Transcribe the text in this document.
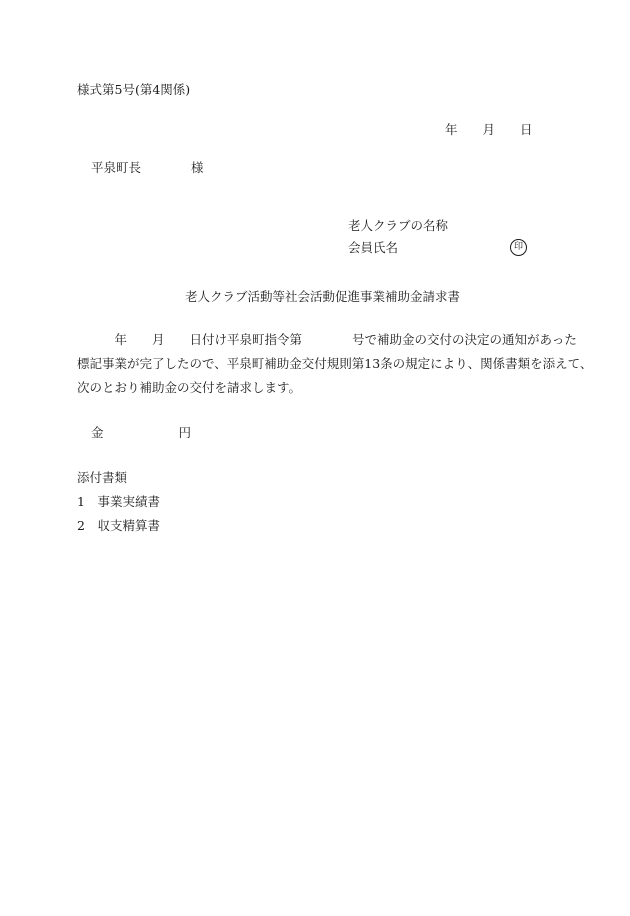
様式第5号(第4関係)
年　　月　　日
平泉町長　　　　様
老人クラブの名称
会員氏名	印
老人クラブ活動等社会活動促進事業補助金請求書
　　　年　　月　　日付け平泉町指令第　　　　号で補助金の交付の決定の通知があった
標記事業が完了したので、平泉町補助金交付規則第13条の規定により、関係書類を添えて、
次のとおり補助金の交付を請求します。
金　　　　　　円
添付書類
1　事業実績書
2　収支精算書
